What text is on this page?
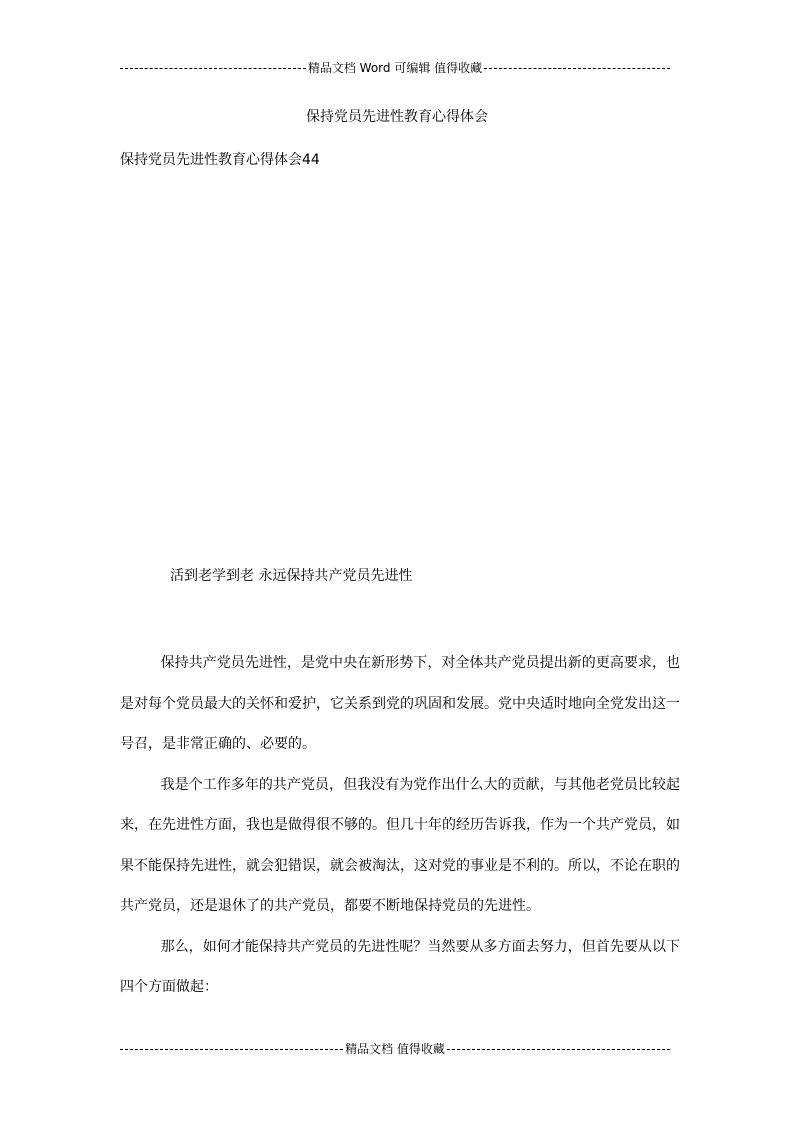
精品文档 Word 可编辑 值得收藏
保持党员先进性教育心得体会
保持党员先进性教育心得体会44
活到老学到老 永远保持共产党员先进性

保持共产党员先进性，是党中央在新形势下，对全体共产党员提出新的更高要求，也是对每个党员最大的关怀和爱护，它关系到党的巩固和发展。党中央适时地向全党发出这一号召，是非常正确的、必要的。

我是个工作多年的共产党员，但我没有为党作出什么大的贡献，与其他老党员比较起来，在先进性方面，我也是做得很不够的。但几十年的经历告诉我，作为一个共产党员，如果不能保持先进性，就会犯错误，就会被淘汰，这对党的事业是不利的。所以，不论在职的共产党员，还是退休了的共产党员，都要不断地保持党员的先进性。

那么，如何才能保持共产党员的先进性呢？当然要从多方面去努力，但首先要从以下四个方面做起：

精品文档 值得收藏
